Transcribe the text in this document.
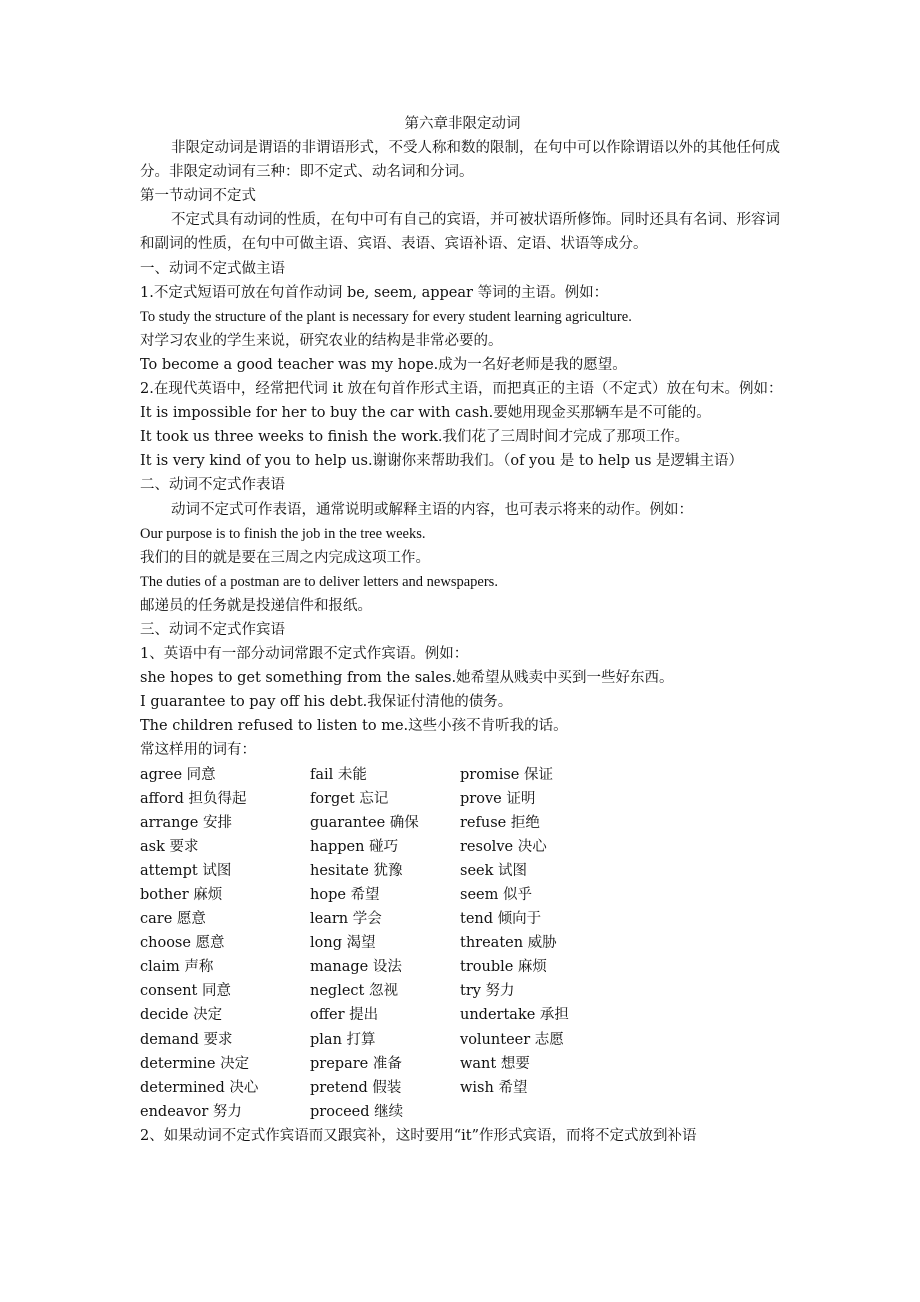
第六章非限定动词
非限定动词是谓语的非谓语形式，不受人称和数的限制，在句中可以作除谓语以外的其他任何成分。非限定动词有三种：即不定式、动名词和分词。
第一节动词不定式
不定式具有动词的性质，在句中可有自己的宾语，并可被状语所修饰。同时还具有名词、形容词和副词的性质，在句中可做主语、宾语、表语、宾语补语、定语、状语等成分。
一、动词不定式做主语
1.不定式短语可放在句首作动词 be, seem, appear 等词的主语。例如：
To study the structure of the plant is necessary for every student learning agriculture.
对学习农业的学生来说，研究农业的结构是非常必要的。
To become a good teacher was my hope.成为一名好老师是我的愿望。
2.在现代英语中，经常把代词 it 放在句首作形式主语，而把真正的主语（不定式）放在句末。例如：
It is impossible for her to buy the car with cash.要她用现金买那辆车是不可能的。
It took us three weeks to finish the work.我们花了三周时间才完成了那项工作。
It is very kind of you to help us.谢谢你来帮助我们。（of you 是 to help us 是逻辑主语）
二、动词不定式作表语
动词不定式可作表语，通常说明或解释主语的内容，也可表示将来的动作。例如：
Our purpose is to finish the job in the tree weeks.
我们的目的就是要在三周之内完成这项工作。
The duties of a postman are to deliver letters and newspapers.
邮递员的任务就是投递信件和报纸。
三、动词不定式作宾语
1、英语中有一部分动词常跟不定式作宾语。例如：
she hopes to get something from the sales.她希望从贱卖中买到一些好东西。
I guarantee to pay off his debt.我保证付清他的债务。
The children refused to listen to me.这些小孩不肯听我的话。
常这样用的词有：
agree 同意	fail 未能	promise 保证
afford 担负得起	forget 忘记	prove 证明
arrange 安排	guarantee 确保	refuse 拒绝
ask 要求	happen 碰巧	resolve 决心
attempt 试图	hesitate 犹豫	seek 试图
bother 麻烦	hope 希望	seem 似乎
care 愿意	learn 学会	tend 倾向于
choose 愿意	long 渴望	threaten 威胁
claim 声称	manage 设法	trouble 麻烦
consent 同意	neglect 忽视	try 努力
decide 决定	offer 提出	undertake 承担
demand 要求	plan 打算	volunteer 志愿
determine 决定	prepare 准备	want 想要
determined 决心	pretend 假装	wish 希望
endeavor 努力	proceed 继续
2、如果动词不定式作宾语而又跟宾补，这时要用“it”作形式宾语，而将不定式放到补语
